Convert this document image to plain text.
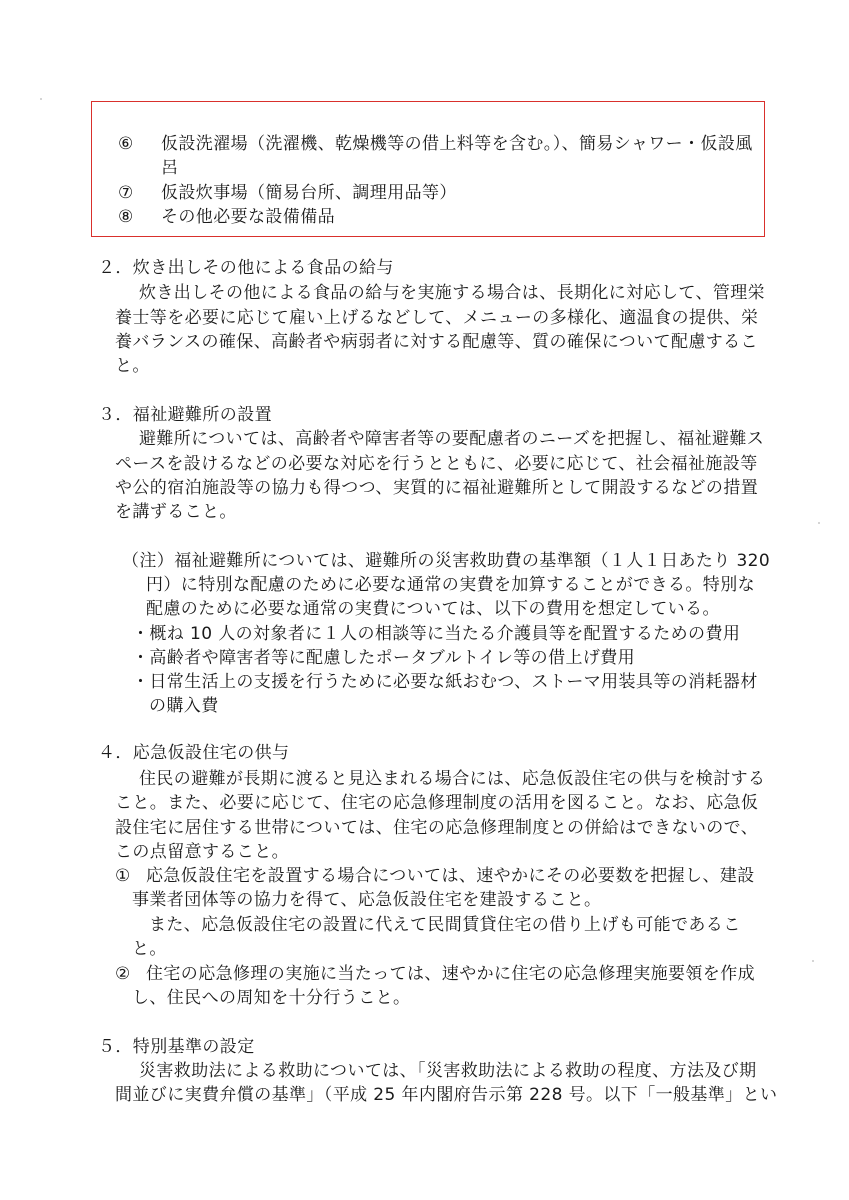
⑥ 仮設洗濯場（洗濯機、乾燥機等の借上料等を含む。）、簡易シャワー・仮設風
呂
⑦ 仮設炊事場（簡易台所、調理用品等）
⑧ その他必要な設備備品
２．炊き出しその他による食品の給与
炊き出しその他による食品の給与を実施する場合は、長期化に対応して、管理栄
養士等を必要に応じて雇い上げるなどして、メニューの多様化、適温食の提供、栄
養バランスの確保、高齢者や病弱者に対する配慮等、質の確保について配慮するこ
と。
３．福祉避難所の設置
避難所については、高齢者や障害者等の要配慮者のニーズを把握し、福祉避難ス
ペースを設けるなどの必要な対応を行うとともに、必要に応じて、社会福祉施設等
や公的宿泊施設等の協力も得つつ、実質的に福祉避難所として開設するなどの措置
を講ずること。
（注）福祉避難所については、避難所の災害救助費の基準額（１人１日あたり 320
円）に特別な配慮のために必要な通常の実費を加算することができる。特別な
配慮のために必要な通常の実費については、以下の費用を想定している。
・概ね 10 人の対象者に１人の相談等に当たる介護員等を配置するための費用
・高齢者や障害者等に配慮したポータブルトイレ等の借上げ費用
・日常生活上の支援を行うために必要な紙おむつ、ストーマ用装具等の消耗器材
の購入費
４．応急仮設住宅の供与
住民の避難が長期に渡ると見込まれる場合には、応急仮設住宅の供与を検討する
こと。また、必要に応じて、住宅の応急修理制度の活用を図ること。なお、応急仮
設住宅に居住する世帯については、住宅の応急修理制度との併給はできないので、
この点留意すること。
① 応急仮設住宅を設置する場合については、速やかにその必要数を把握し、建設
事業者団体等の協力を得て、応急仮設住宅を建設すること。
また、応急仮設住宅の設置に代えて民間賃貸住宅の借り上げも可能であるこ
と。
② 住宅の応急修理の実施に当たっては、速やかに住宅の応急修理実施要領を作成
し、住民への周知を十分行うこと。
５．特別基準の設定
災害救助法による救助については、「災害救助法による救助の程度、方法及び期
間並びに実費弁償の基準」（平成 25 年内閣府告示第 228 号。以下「一般基準」とい
